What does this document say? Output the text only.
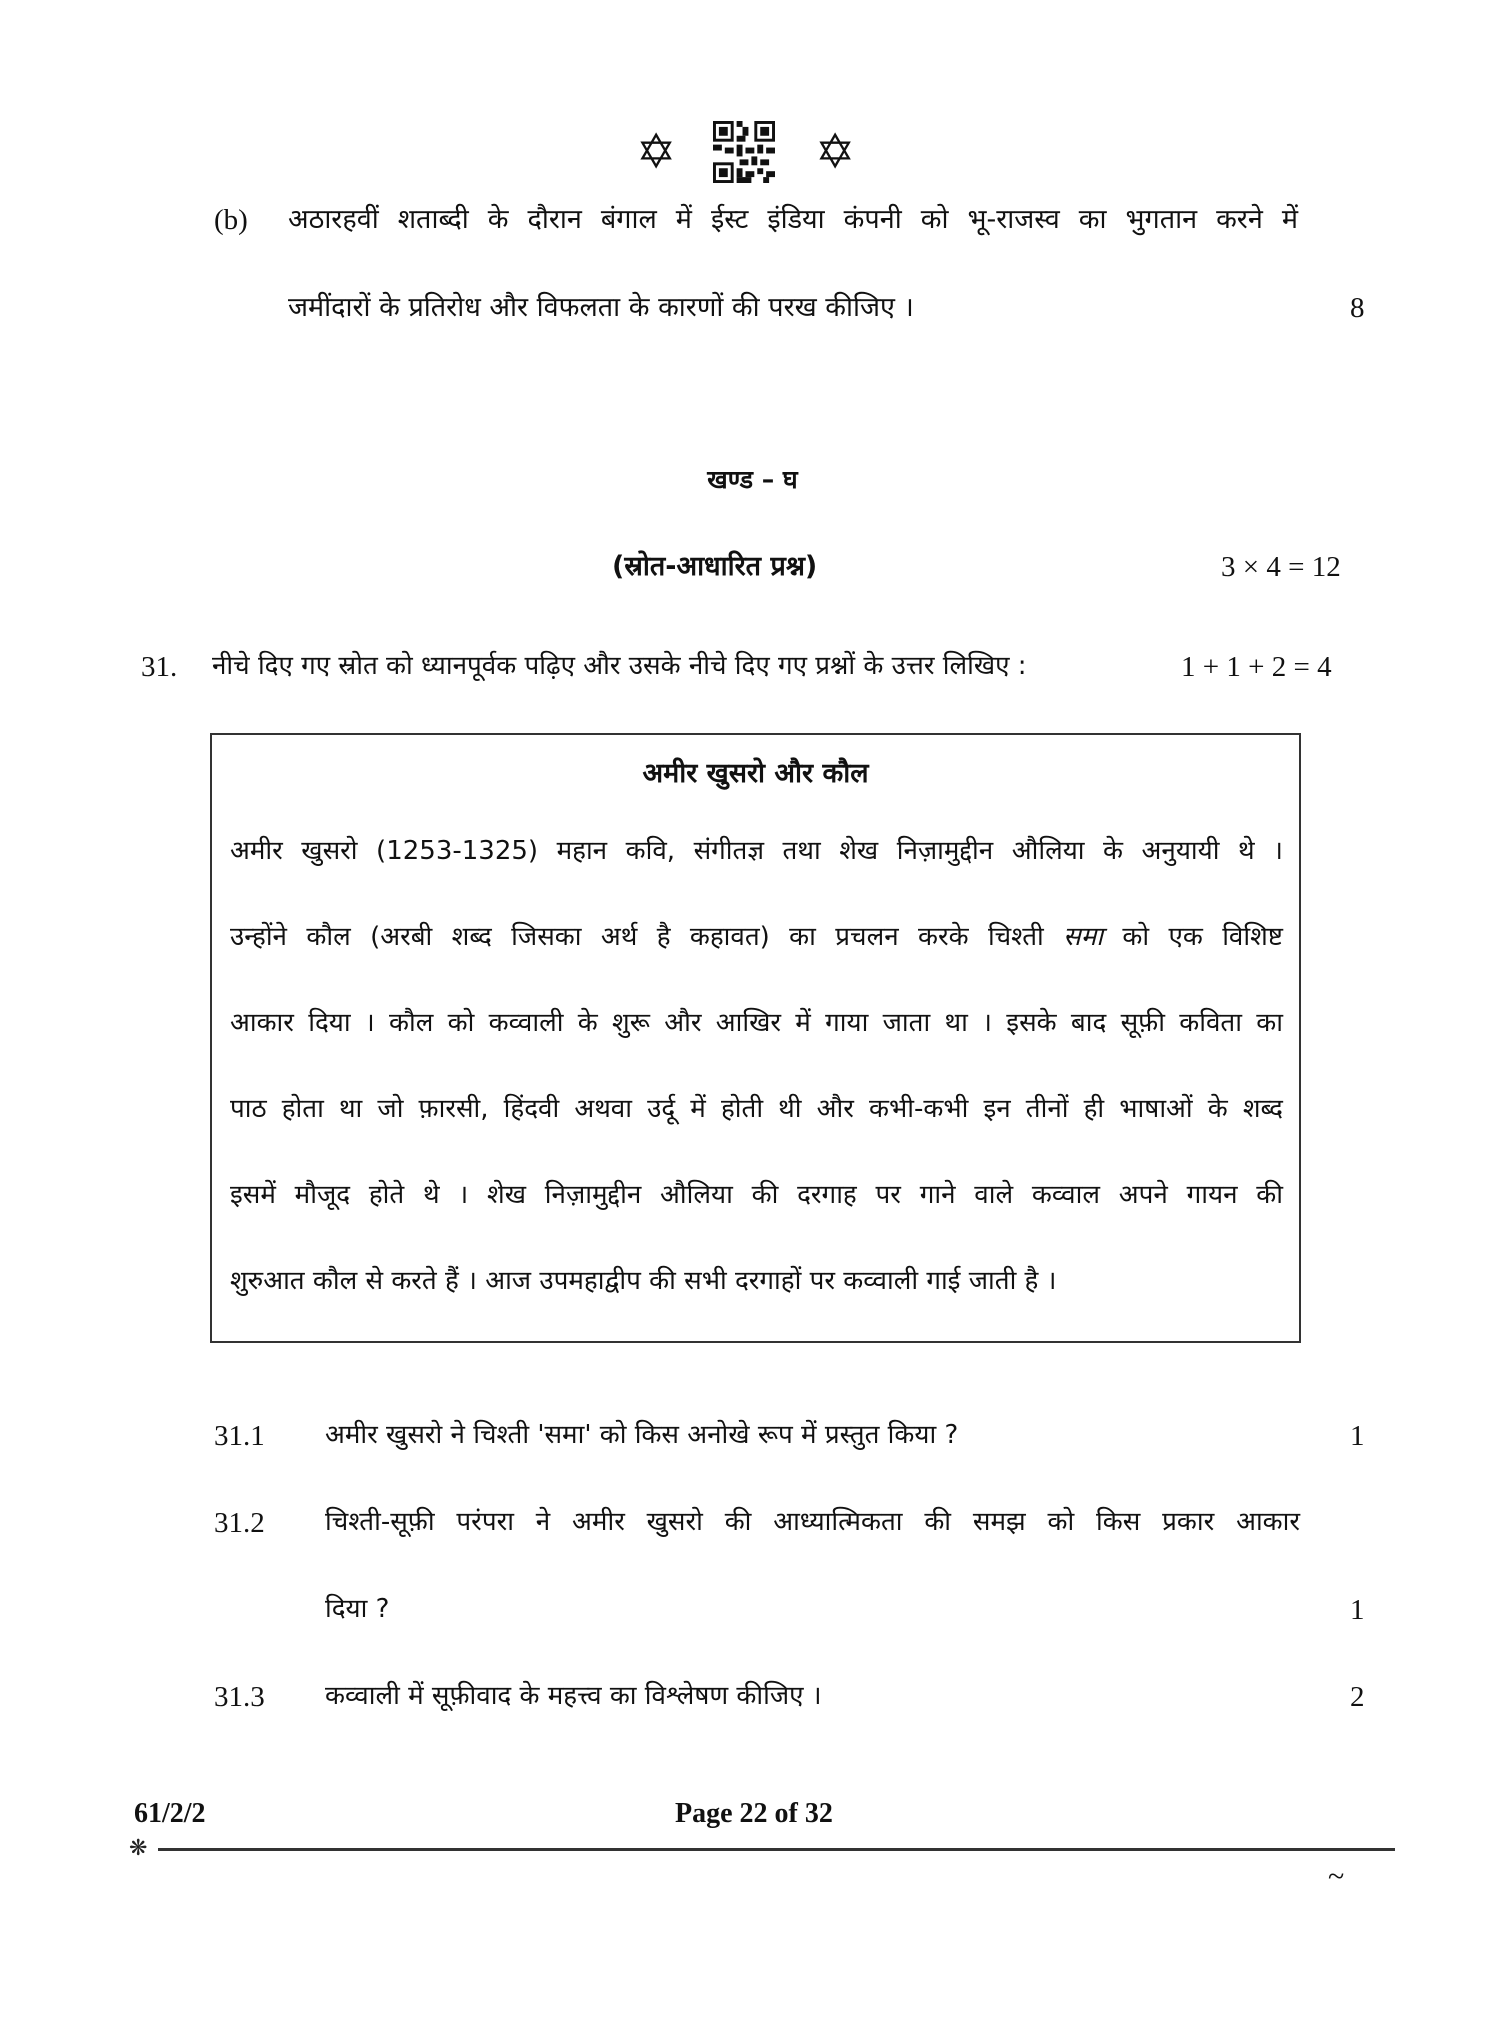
✡	✡
(b) अठारहवीं शताब्दी के दौरान बंगाल में ईस्ट इंडिया कंपनी को भू-राजस्व का भुगतान करने में
जमींदारों के प्रतिरोध और विफलता के कारणों की परख कीजिए ।	8
खण्ड – घ
(स्रोत-आधारित प्रश्न)	3 × 4 = 12
31. नीचे दिए गए स्रोत को ध्यानपूर्वक पढ़िए और उसके नीचे दिए गए प्रश्नों के उत्तर लिखिए :	1 + 1 + 2 = 4
अमीर खुसरो और कौल
अमीर खुसरो (1253-1325) महान कवि, संगीतज्ञ तथा शेख निज़ामुद्दीन औलिया के अनुयायी थे ।
उन्होंने कौल (अरबी शब्द जिसका अर्थ है कहावत) का प्रचलन करके चिश्ती समा को एक विशिष्ट
आकार दिया । कौल को कव्वाली के शुरू और आखिर में गाया जाता था । इसके बाद सूफ़ी कविता का
पाठ होता था जो फ़ारसी, हिंदवी अथवा उर्दू में होती थी और कभी-कभी इन तीनों ही भाषाओं के शब्द
इसमें मौजूद होते थे । शेख निज़ामुद्दीन औलिया की दरगाह पर गाने वाले कव्वाल अपने गायन की
शुरुआत कौल से करते हैं । आज उपमहाद्वीप की सभी दरगाहों पर कव्वाली गाई जाती है ।
31.1 अमीर खुसरो ने चिश्ती 'समा' को किस अनोखे रूप में प्रस्तुत किया ?	1
31.2 चिश्ती-सूफ़ी परंपरा ने अमीर खुसरो की आध्यात्मिकता की समझ को किस प्रकार आकार
दिया ?	1
31.3 कव्वाली में सूफ़ीवाद के महत्त्व का विश्लेषण कीजिए ।	2
61/2/2	Page 22 of 32
❋
~
